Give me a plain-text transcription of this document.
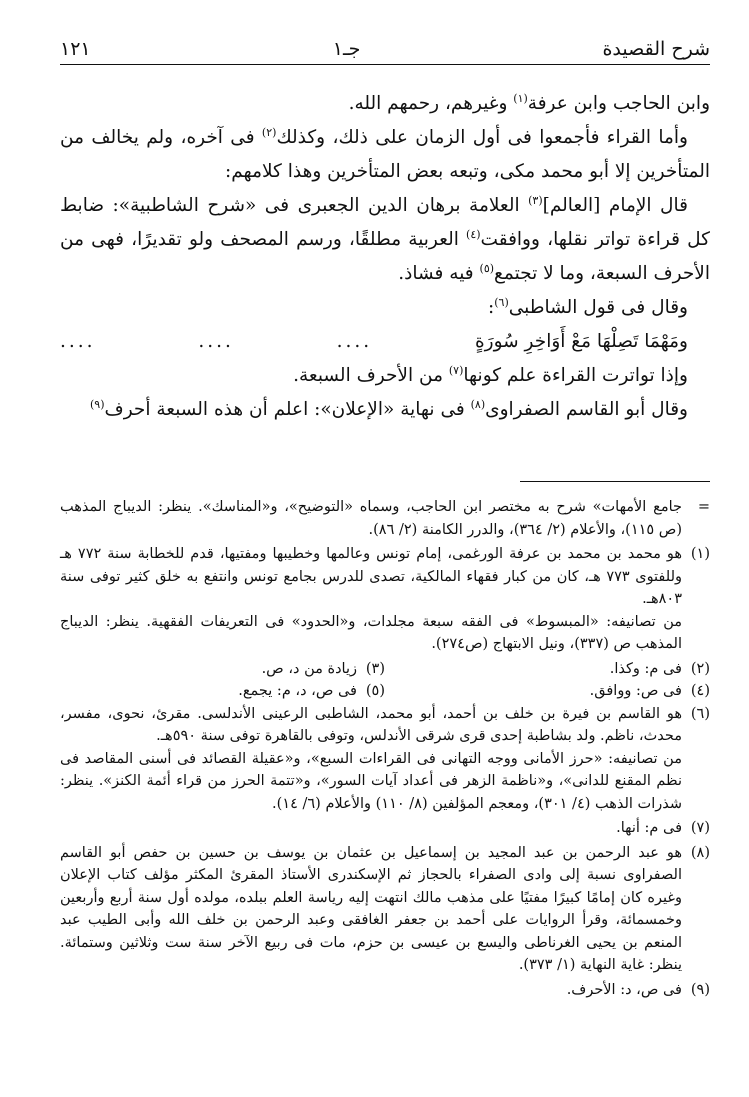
شرح القصيدة
جـ١
١٢١

وابن الحاجب وابن عرفة$^{(١)}$ وغيرهم، رحمهم الله.

وأما القراء فأجمعوا فى أول الزمان على ذلك، وكذلك$^{(٢)}$ فى آخره، ولم يخالف من المتأخرين إلا أبو محمد مكى، وتبعه بعض المتأخرين وهذا كلامهم:

قال الإمام [العالم]$^{(٣)}$ العلامة برهان الدين الجعبرى فى «شرح الشاطبية»: ضابط كل قراءة تواتر نقلها، ووافقت$^{(٤)}$ العربية مطلقًا، ورسم المصحف ولو تقديرًا، فهى من الأحرف السبعة، وما لا تجتمع$^{(٥)}$ فيه فشاذ.

وقال فى قول الشاطبى$^{(٦)}$:

ومَهْمَا تَصِلْهَا مَعْ أَوَاخِرِ سُورَةٍ
....
....
....

وإذا تواترت القراءة علم كونها$^{(٧)}$ من الأحرف السبعة.

وقال أبو القاسم الصفراوى$^{(٨)}$ فى نهاية «الإعلان»: اعلم أن هذه السبعة أحرف$^{(٩)}$

=

جامع الأمهات» شرح به مختصر ابن الحاجب، وسماه «التوضيح»، و«المناسك». ينظر: الديباج المذهب (ص ١١٥)، والأعلام (٢/ ٣٦٤)، والدرر الكامنة (٢/ ٨٦).

(١)

هو محمد بن محمد بن عرفة الورغمى، إمام تونس وعالمها وخطيبها ومفتيها، قدم للخطابة سنة ٧٧٢ هـ وللفتوى ٧٧٣ هـ، كان من كبار فقهاء المالكية، تصدى للدرس بجامع تونس وانتفع به خلق كثير توفى سنة ٨٠٣هـ.

من تصانيفه: «المبسوط» فى الفقه سبعة مجلدات، و«الحدود» فى التعريفات الفقهية. ينظر: الديباج المذهب ص (٣٣٧)، ونيل الابتهاج (ص٢٧٤).

(٢)
فى م: وكذا.
(٣)
زيادة من د، ص.
(٤)
فى ص: ووافق.
(٥)
فى ص، د، م: يجمع.
(٦)

هو القاسم بن فيرة بن خلف بن أحمد، أبو محمد، الشاطبى الرعينى الأندلسى. مقرئ، نحوى، مفسر، محدث، ناظم. ولد بشاطبة إحدى قرى شرقى الأندلس، وتوفى بالقاهرة توفى سنة ٥٩٠هـ.

من تصانيفه: «حرز الأمانى ووجه التهانى فى القراءات السبع»، و«عقيلة القصائد فى أسنى المقاصد فى نظم المقنع للدانى»، و«ناظمة الزهر فى أعداد آيات السور»، و«تتمة الحرز من قراء أئمة الكنز». ينظر: شذرات الذهب (٤/ ٣٠١)، ومعجم المؤلفين (٨/ ١١٠) والأعلام (٦/ ١٤).

(٧)

فى م: أنها.

(٨)

هو عبد الرحمن بن عبد المجيد بن إسماعيل بن عثمان بن يوسف بن حسين بن حفص أبو القاسم الصفراوى نسبة إلى وادى الصفراء بالحجاز ثم الإسكندرى الأستاذ المقرئ المكثر مؤلف كتاب الإعلان وغيره كان إمامًا كبيرًا مفتيًا على مذهب مالك انتهت إليه رياسة العلم ببلده، مولده أول سنة أربع وأربعين وخمسمائة، وقرأ الروايات على أحمد بن جعفر الغافقى وعبد الرحمن بن خلف الله وأبى الطيب عبد المنعم بن يحيى الغرناطى واليسع بن عيسى بن حزم، مات فى ربيع الآخر سنة ست وثلاثين وستمائة. ينظر: غاية النهاية (١/ ٣٧٣).

(٩)

فى ص، د: الأحرف.
